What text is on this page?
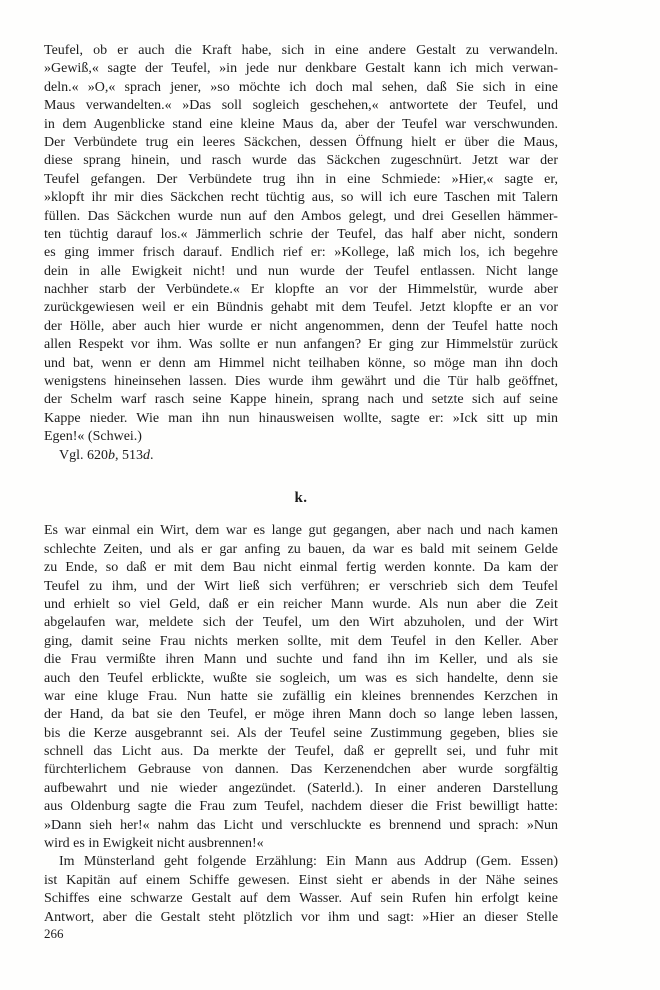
Teufel, ob er auch die Kraft habe, sich in eine andere Gestalt zu verwandeln.
»Gewiß,« sagte der Teufel, »in jede nur denkbare Gestalt kann ich mich verwan-
deln.« »O,« sprach jener, »so möchte ich doch mal sehen, daß Sie sich in eine
Maus verwandelten.« »Das soll sogleich geschehen,« antwortete der Teufel, und
in dem Augenblicke stand eine kleine Maus da, aber der Teufel war verschwunden.
Der Verbündete trug ein leeres Säckchen, dessen Öffnung hielt er über die Maus,
diese sprang hinein, und rasch wurde das Säckchen zugeschnürt. Jetzt war der
Teufel gefangen. Der Verbündete trug ihn in eine Schmiede: »Hier,« sagte er,
»klopft ihr mir dies Säckchen recht tüchtig aus, so will ich eure Taschen mit Talern
füllen. Das Säckchen wurde nun auf den Ambos gelegt, und drei Gesellen hämmer-
ten tüchtig darauf los.« Jämmerlich schrie der Teufel, das half aber nicht, sondern
es ging immer frisch darauf. Endlich rief er: »Kollege, laß mich los, ich begehre
dein in alle Ewigkeit nicht! und nun wurde der Teufel entlassen. Nicht lange
nachher starb der Verbündete.« Er klopfte an vor der Himmelstür, wurde aber
zurückgewiesen weil er ein Bündnis gehabt mit dem Teufel. Jetzt klopfte er an vor
der Hölle, aber auch hier wurde er nicht angenommen, denn der Teufel hatte noch
allen Respekt vor ihm. Was sollte er nun anfangen? Er ging zur Himmelstür zurück
und bat, wenn er denn am Himmel nicht teilhaben könne, so möge man ihn doch
wenigstens hineinsehen lassen. Dies wurde ihm gewährt und die Tür halb geöffnet,
der Schelm warf rasch seine Kappe hinein, sprang nach und setzte sich auf seine
Kappe nieder. Wie man ihn nun hinausweisen wollte, sagte er: »Ick sitt up min
Egen!« (Schwei.)
Vgl. 620b, 513d.
k.
Es war einmal ein Wirt, dem war es lange gut gegangen, aber nach und nach kamen
schlechte Zeiten, und als er gar anfing zu bauen, da war es bald mit seinem Gelde
zu Ende, so daß er mit dem Bau nicht einmal fertig werden konnte. Da kam der
Teufel zu ihm, und der Wirt ließ sich verführen; er verschrieb sich dem Teufel
und erhielt so viel Geld, daß er ein reicher Mann wurde. Als nun aber die Zeit
abgelaufen war, meldete sich der Teufel, um den Wirt abzuholen, und der Wirt
ging, damit seine Frau nichts merken sollte, mit dem Teufel in den Keller. Aber
die Frau vermißte ihren Mann und suchte und fand ihn im Keller, und als sie
auch den Teufel erblickte, wußte sie sogleich, um was es sich handelte, denn sie
war eine kluge Frau. Nun hatte sie zufällig ein kleines brennendes Kerzchen in
der Hand, da bat sie den Teufel, er möge ihren Mann doch so lange leben lassen,
bis die Kerze ausgebrannt sei. Als der Teufel seine Zustimmung gegeben, blies sie
schnell das Licht aus. Da merkte der Teufel, daß er geprellt sei, und fuhr mit
fürchterlichem Gebrause von dannen. Das Kerzenendchen aber wurde sorgfältig
aufbewahrt und nie wieder angezündet. (Saterld.). In einer anderen Darstellung
aus Oldenburg sagte die Frau zum Teufel, nachdem dieser die Frist bewilligt hatte:
»Dann sieh her!« nahm das Licht und verschluckte es brennend und sprach: »Nun
wird es in Ewigkeit nicht ausbrennen!«
Im Münsterland geht folgende Erzählung: Ein Mann aus Addrup (Gem. Essen)
ist Kapitän auf einem Schiffe gewesen. Einst sieht er abends in der Nähe seines
Schiffes eine schwarze Gestalt auf dem Wasser. Auf sein Rufen hin erfolgt keine
Antwort, aber die Gestalt steht plötzlich vor ihm und sagt: »Hier an dieser Stelle
266
